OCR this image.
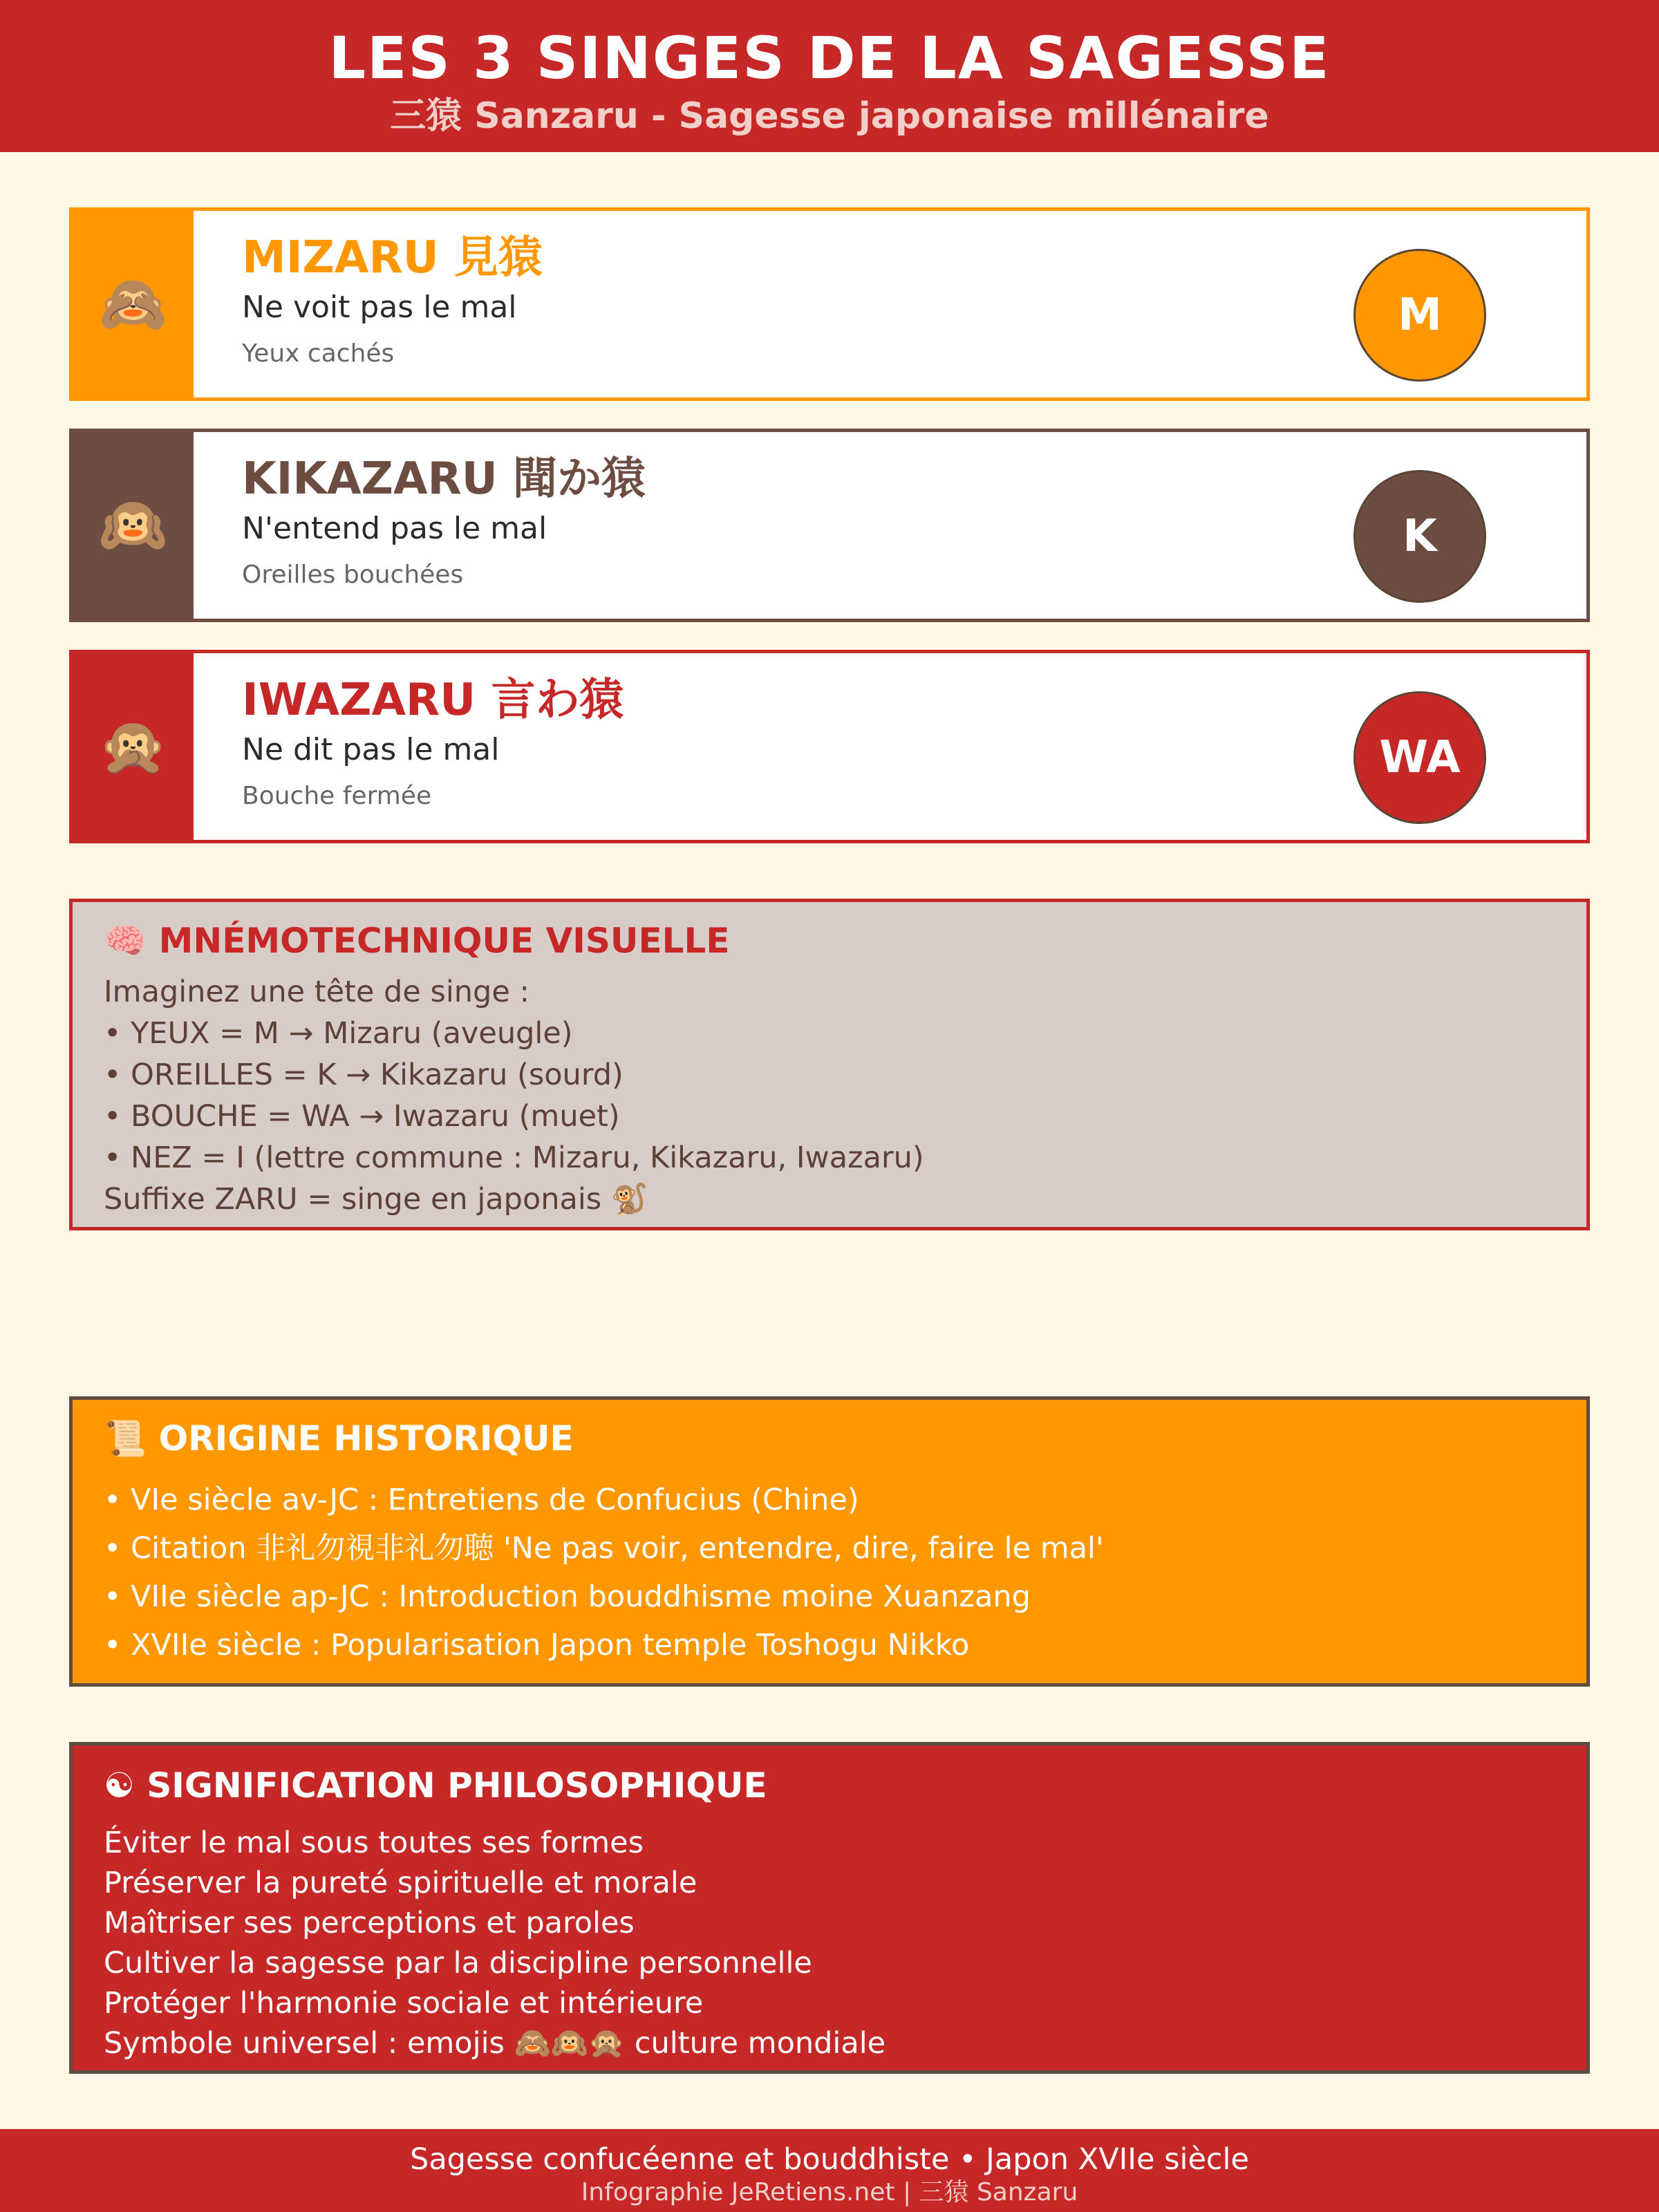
LES 3 SINGES DE LA SAGESSE
三猿 Sanzaru - Sagesse japonaise millénaire
🙈
MIZARU 見猿
Ne voit pas le mal
Yeux cachés
M
🙉
KIKAZARU 聞か猿
N'entend pas le mal
Oreilles bouchées
K
🙊
IWAZARU 言わ猿
Ne dit pas le mal
Bouche fermée
WA
🧠 MNÉMOTECHNIQUE VISUELLE
Imaginez une tête de singe :
• YEUX = M → Mizaru (aveugle)
• OREILLES = K → Kikazaru (sourd)
• BOUCHE = WA → Iwazaru (muet)
• NEZ = I (lettre commune : Mizaru, Kikazaru, Iwazaru)
Suffixe ZARU = singe en japonais 🐒
📜 ORIGINE HISTORIQUE
• VIe siècle av-JC : Entretiens de Confucius (Chine)
• Citation 非礼勿視非礼勿聴 'Ne pas voir, entendre, dire, faire le mal'
• VIIe siècle ap-JC : Introduction bouddhisme moine Xuanzang
• XVIIe siècle : Popularisation Japon temple Toshogu Nikko
☯ SIGNIFICATION PHILOSOPHIQUE
Éviter le mal sous toutes ses formes
Préserver la pureté spirituelle et morale
Maîtriser ses perceptions et paroles
Cultiver la sagesse par la discipline personnelle
Protéger l'harmonie sociale et intérieure
Symbole universel : emojis 🙈🙉🙊 culture mondiale
Sagesse confucéenne et bouddhiste • Japon XVIIe siècle
Infographie JeRetiens.net | 三猿 Sanzaru
